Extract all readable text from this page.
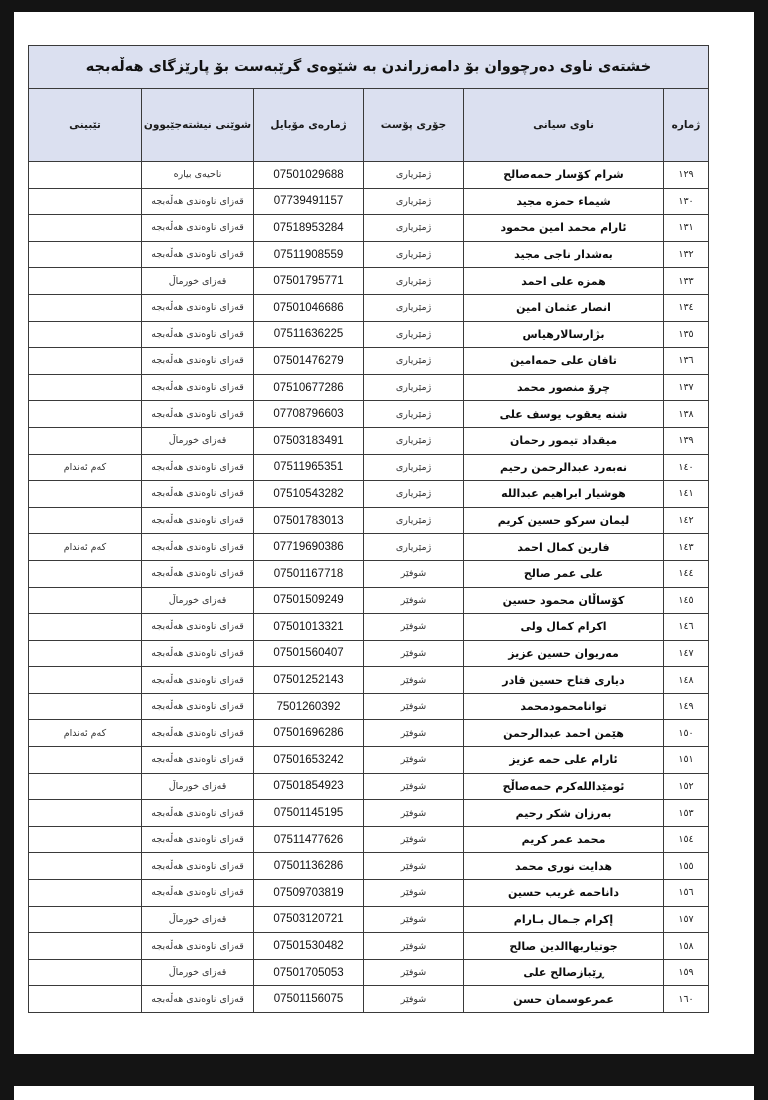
خشتەی ناوی دەرچووان بۆ دامەزراندن به‌ شێوەی گرێبەست بۆ پارێزگای هەڵەبجە					
ژماره	ناوی سیانی	جۆری پۆست	ژمارەی مۆبایل	شوێنی نیشتەجێبوون	تێبینی
١٢٩	شرام کۆسار حمەصالح	ژمێریاری	07501029688	ناحیەی بیارە	
١٣٠	شیماء حمزە مجید	ژمێریاری	07739491157	قەزای ناوەندی هەڵەبجە	
١٣١	ئارام محمد امین محمود	ژمێریاری	07518953284	قەزای ناوەندی هەڵەبجە	
١٣٢	بەشدار ناجی مجید	ژمێریاری	07511908559	قەزای ناوەندی هەڵەبجە	
١٣٣	همزە علی احمد	ژمێریاری	07501795771	قەزای خورماڵ	
١٣٤	انصار عثمان امین	ژمێریاری	07501046686	قەزای ناوەندی هەڵەبجە	
١٣٥	بژارسالارهیاس	ژمێریاری	07511636225	قەزای ناوەندی هەڵەبجە	
١٣٦	تافان علی حمەامین	ژمێریاری	07501476279	قەزای ناوەندی هەڵەبجە	
١٣٧	چرۆ منصور محمد	ژمێریاری	07510677286	قەزای ناوەندی هەڵەبجە	
١٣٨	شنە یعقوب یوسف علی	ژمێریاری	07708796603	قەزای ناوەندی هەڵەبجە	
١٣٩	میقداد تیمور رحمان	ژمێریاری	07503183491	قەزای خورماڵ	
١٤٠	نەبەرد عبدالرحمن رحیم	ژمێریاری	07511965351	قەزای ناوەندی هەڵەبجە	کەم ئەندام
١٤١	هوشیار ابراهیم عبدالله	ژمێریاری	07510543282	قەزای ناوەندی هەڵەبجە	
١٤٢	لیمان سرکو حسین کریم	ژمێریاری	07501783013	قەزای ناوەندی هەڵەبجە	
١٤٣	فارین کمال احمد	ژمێریاری	07719690386	قەزای ناوەندی هەڵەبجە	کەم ئەندام
١٤٤	علی عمر صالح	شوفێر	07501167718	قەزای ناوەندی هەڵەبجە	
١٤٥	کۆساڵان محمود حسین	شوفێر	07501509249	قەزای خورماڵ	
١٤٦	اکرام کمال ولی	شوفێر	07501013321	قەزای ناوەندی هەڵەبجە	
١٤٧	مەریوان حسین عزیز	شوفێر	07501560407	قەزای ناوەندی هەڵەبجە	
١٤٨	دیاری فتاح حسین قادر	شوفێر	07501252143	قەزای ناوەندی هەڵەبجە	
١٤٩	توانامحمودمحمد	شوفێر	7501260392	قەزای ناوەندی هەڵەبجە	
١٥٠	هێمن احمد عبدالرحمن	شوفێر	07501696286	قەزای ناوەندی هەڵەبجە	کەم ئەندام
١٥١	ئارام علی حمە عزیز	شوفێر	07501653242	قەزای ناوەندی هەڵەبجە	
١٥٢	ئومێدالله‌کرم حمەصاڵح	شوفێر	07501854923	قەزای خورماڵ	
١٥٣	بەرزان شکر رحیم	شوفێر	07501145195	قەزای ناوەندی هەڵەبجە	
١٥٤	محمد عمر کریم	شوفێر	07511477626	قەزای ناوەندی هەڵەبجە	
١٥٥	هدایت نوری محمد	شوفێر	07501136286	قەزای ناوەندی هەڵەبجە	
١٥٦	داناحمە غریب حسین	شوفێر	07509703819	قەزای ناوەندی هەڵەبجە	
١٥٧	إکرام جـمال بـارام	شوفێر	07503120721	قەزای خورماڵ	
١٥٨	جوتیاربهاالدین صالح	شوفێر	07501530482	قەزای ناوەندی هەڵەبجە	
١٥٩	ڕێبازصالح علی	شوفێر	07501705053	قەزای خورماڵ	
١٦٠	عمرعوسمان حسن	شوفێر	07501156075	قەزای ناوەندی هەڵەبجە	
